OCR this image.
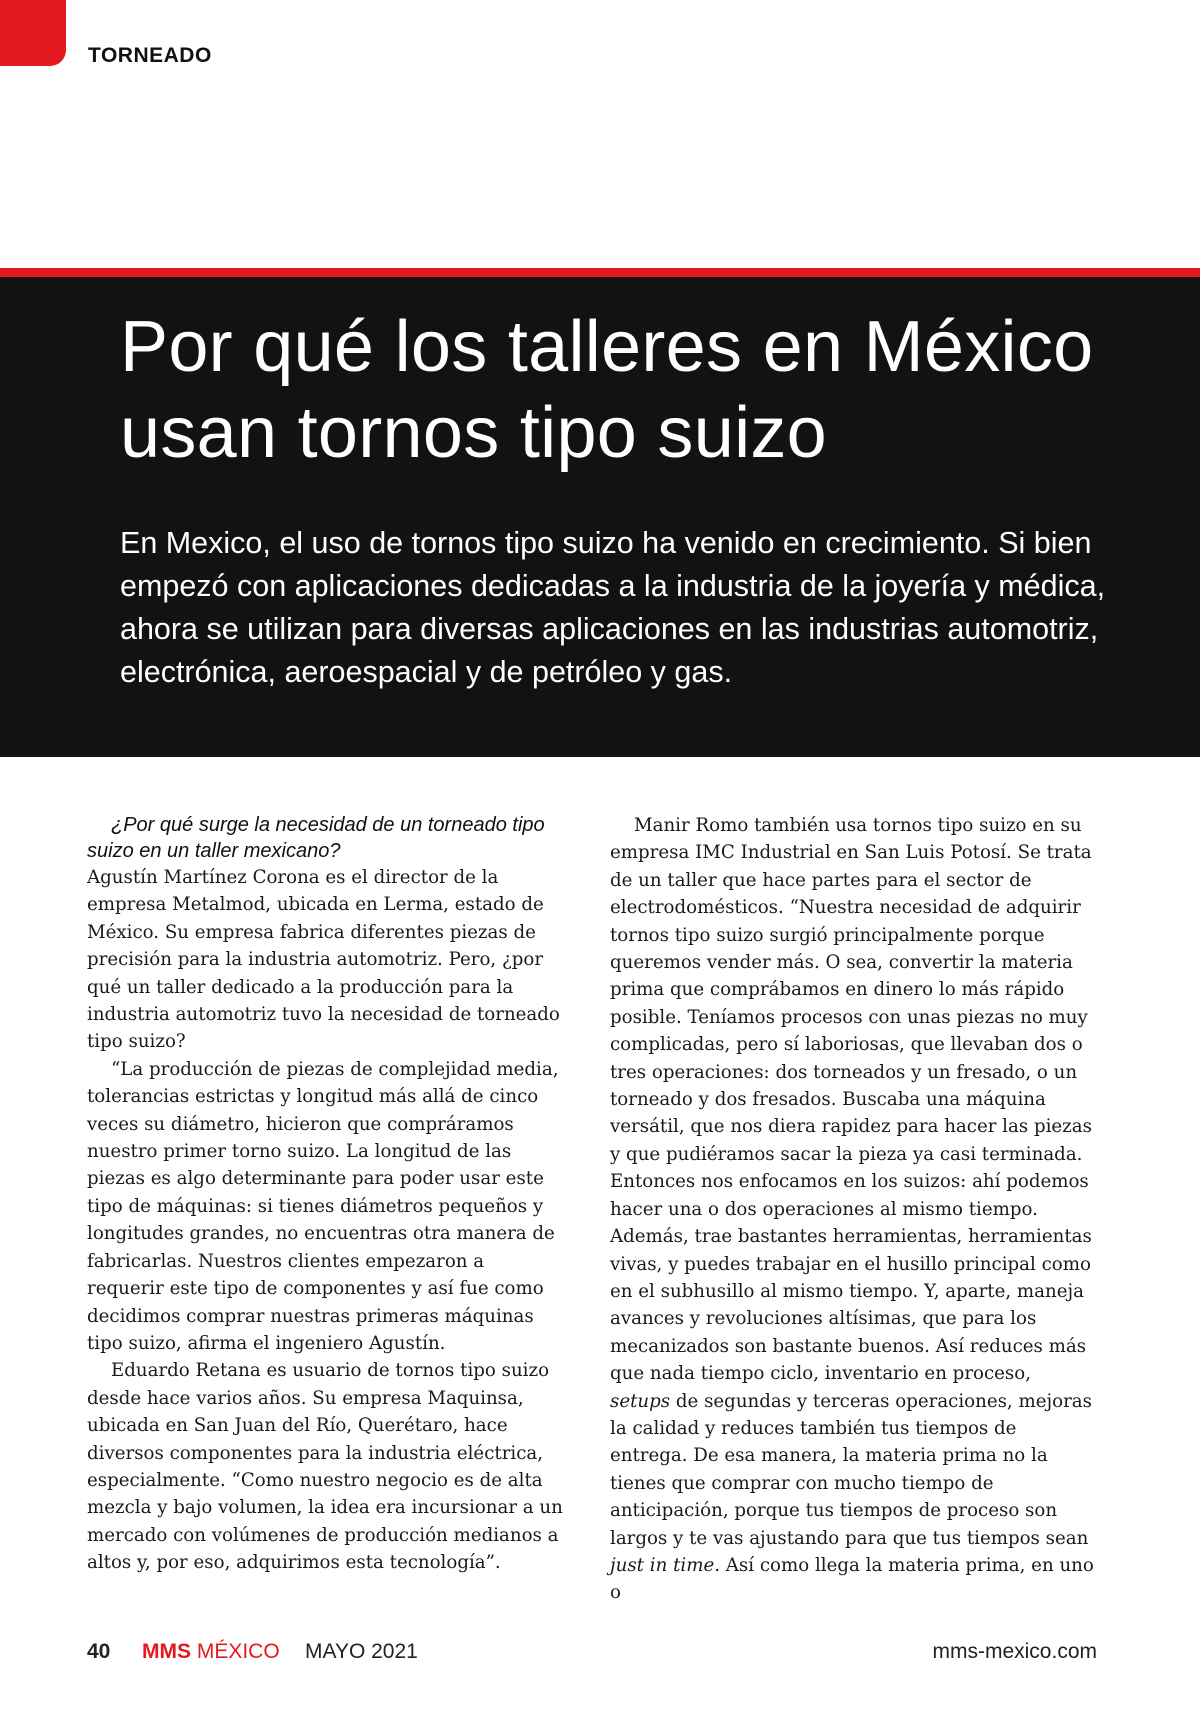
TORNEADO
Por qué los talleres en México usan tornos tipo suizo

En Mexico, el uso de tornos tipo suizo ha venido en crecimiento. Si bien empezó con aplicaciones dedicadas a la industria de la joyería y médica, ahora se utilizan para diversas aplicaciones en las industrias automotriz, electrónica, aeroespacial y de petróleo y gas.

¿Por qué surge la necesidad de un torneado tipo suizo en un taller mexicano?

Agustín Martínez Corona es el director de la empresa Metalmod, ubicada en Lerma, estado de México. Su empresa fabrica diferentes piezas de precisión para la industria automotriz. Pero, ¿por qué un taller dedicado a la producción para la industria automotriz tuvo la necesidad de torneado tipo suizo?

“La producción de piezas de complejidad media, tolerancias estrictas y longitud más allá de cinco veces su diámetro, hicieron que compráramos nuestro primer torno suizo. La longitud de las piezas es algo determinante para poder usar este tipo de máquinas: si tienes diámetros pequeños y longitudes grandes, no encuentras otra manera de fabricarlas. Nuestros clientes empezaron a requerir este tipo de componentes y así fue como decidimos comprar nuestras primeras máquinas tipo suizo, afirma el ingeniero Agustín.

Eduardo Retana es usuario de tornos tipo suizo desde hace varios años. Su empresa Maquinsa, ubicada en San Juan del Río, Querétaro, hace diversos componentes para la industria eléctrica, especialmente. “Como nuestro negocio es de alta mezcla y bajo volumen, la idea era incursionar a un mercado con volúmenes de producción medianos a altos y, por eso, adquirimos esta tecnología”.

Manir Romo también usa tornos tipo suizo en su empresa IMC Industrial en San Luis Potosí. Se trata de un taller que hace partes para el sector de electrodomésticos. “Nuestra necesidad de adquirir tornos tipo suizo surgió principalmente porque queremos vender más. O sea, convertir la materia prima que comprábamos en dinero lo más rápido posible. Teníamos procesos con unas piezas no muy complicadas, pero sí laboriosas, que llevaban dos o tres operaciones: dos torneados y un fresado, o un torneado y dos fresados. Buscaba una máquina versátil, que nos diera rapidez para hacer las piezas y que pudiéramos sacar la pieza ya casi terminada. Entonces nos enfocamos en los suizos: ahí podemos hacer una o dos operaciones al mismo tiempo. Además, trae bastantes herramientas, herramientas vivas, y puedes trabajar en el husillo principal como en el subhusillo al mismo tiempo. Y, aparte, maneja avances y revoluciones altísimas, que para los mecanizados son bastante buenos. Así reduces más que nada tiempo ciclo, inventario en proceso, setups de segundas y terceras operaciones, mejoras la calidad y reduces también tus tiempos de entrega. De esa manera, la materia prima no la tienes que comprar con mucho tiempo de anticipación, porque tus tiempos de proceso son largos y te vas ajustando para que tus tiempos sean just in time. Así como llega la materia prima, en uno o

40 MMS MÉXICO MAYO 2021	mms-mexico.com
